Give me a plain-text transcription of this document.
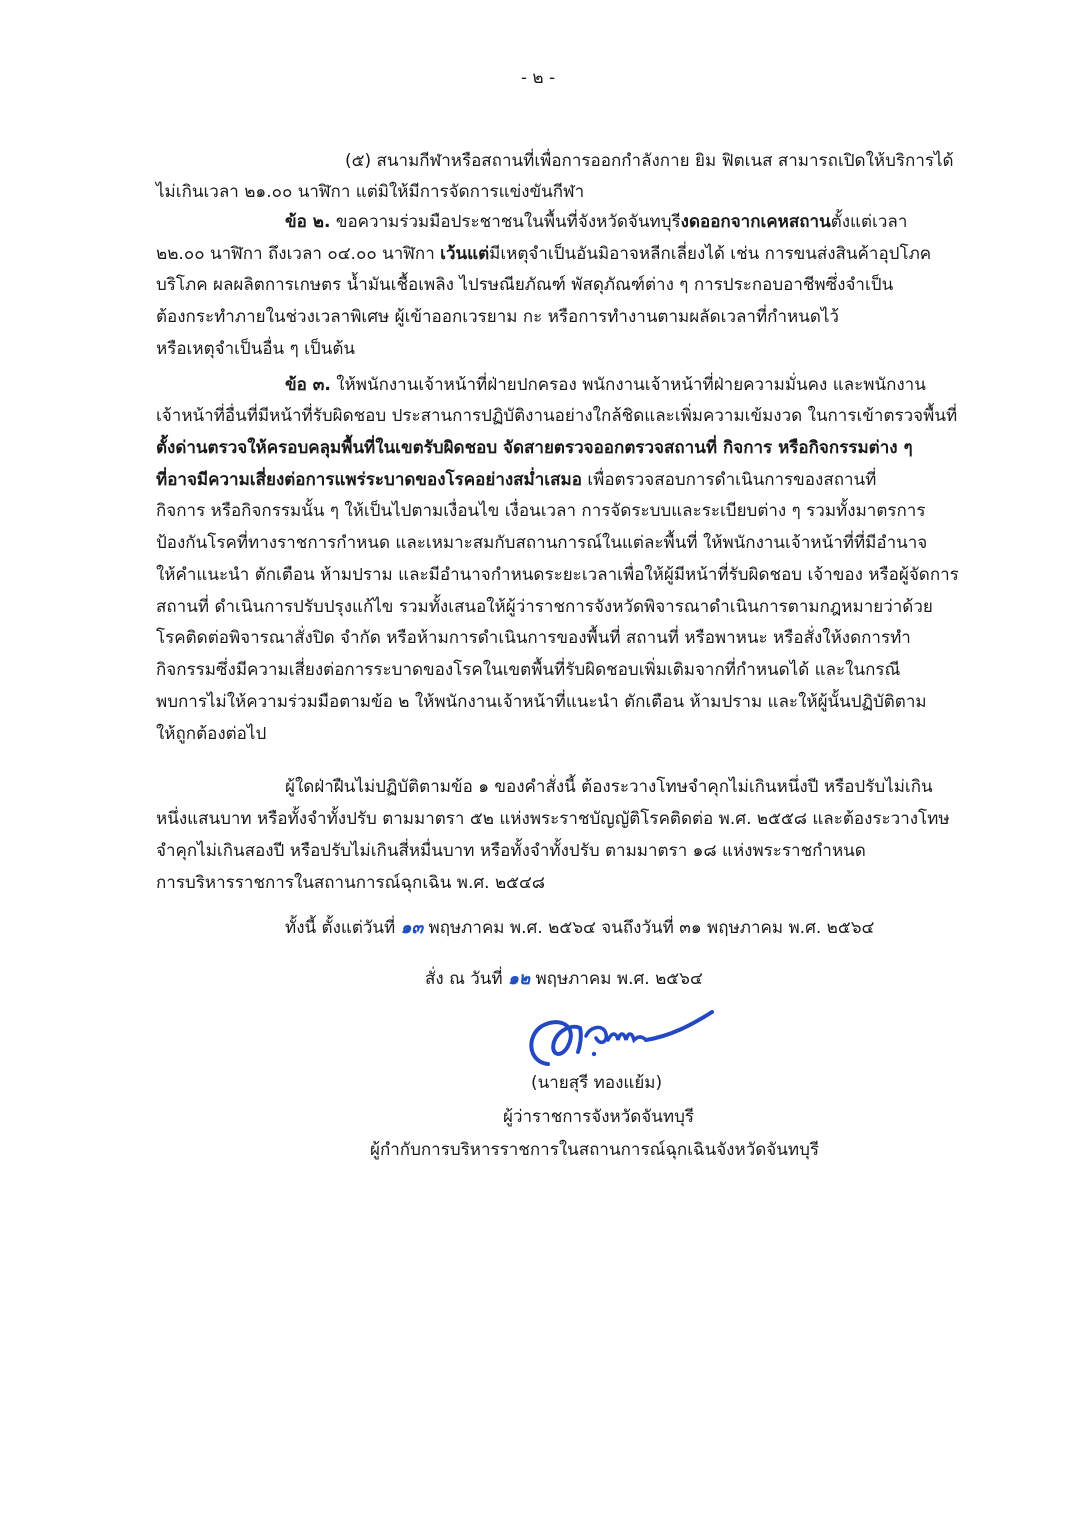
- ๒ -
(๕) สนามกีฬาหรือสถานที่เพื่อการออกกำลังกาย ยิม ฟิตเนส สามารถเปิดให้บริการได้
ไม่เกินเวลา ๒๑.๐๐ นาฬิกา แต่มิให้มีการจัดการแข่งขันกีฬา
ข้อ ๒. ขอความร่วมมือประชาชนในพื้นที่จังหวัดจันทบุรีงดออกจากเคหสถานตั้งแต่เวลา
๒๒.๐๐ นาฬิกา ถึงเวลา ๐๔.๐๐ นาฬิกา เว้นแต่มีเหตุจำเป็นอันมิอาจหลีกเลี่ยงได้ เช่น การขนส่งสินค้าอุปโภค
บริโภค ผลผลิตการเกษตร น้ำมันเชื้อเพลิง ไปรษณียภัณฑ์ พัสดุภัณฑ์ต่าง ๆ การประกอบอาชีพซึ่งจำเป็น
ต้องกระทำภายในช่วงเวลาพิเศษ ผู้เข้าออกเวรยาม กะ หรือการทำงานตามผลัดเวลาที่กำหนดไว้
หรือเหตุจำเป็นอื่น ๆ เป็นต้น
ข้อ ๓. ให้พนักงานเจ้าหน้าที่ฝ่ายปกครอง พนักงานเจ้าหน้าที่ฝ่ายความมั่นคง และพนักงาน
เจ้าหน้าที่อื่นที่มีหน้าที่รับผิดชอบ ประสานการปฏิบัติงานอย่างใกล้ชิดและเพิ่มความเข้มงวด ในการเข้าตรวจพื้นที่
ตั้งด่านตรวจให้ครอบคลุมพื้นที่ในเขตรับผิดชอบ จัดสายตรวจออกตรวจสถานที่ กิจการ หรือกิจกรรมต่าง ๆ
ที่อาจมีความเสี่ยงต่อการแพร่ระบาดของโรคอย่างสม่ำเสมอ เพื่อตรวจสอบการดำเนินการของสถานที่
กิจการ หรือกิจกรรมนั้น ๆ ให้เป็นไปตามเงื่อนไข เงื่อนเวลา การจัดระบบและระเบียบต่าง ๆ รวมทั้งมาตรการ
ป้องกันโรคที่ทางราชการกำหนด และเหมาะสมกับสถานการณ์ในแต่ละพื้นที่ ให้พนักงานเจ้าหน้าที่ที่มีอำนาจ
ให้คำแนะนำ ตักเตือน ห้ามปราม และมีอำนาจกำหนดระยะเวลาเพื่อให้ผู้มีหน้าที่รับผิดชอบ เจ้าของ หรือผู้จัดการ
สถานที่ ดำเนินการปรับปรุงแก้ไข รวมทั้งเสนอให้ผู้ว่าราชการจังหวัดพิจารณาดำเนินการตามกฎหมายว่าด้วย
โรคติดต่อพิจารณาสั่งปิด จำกัด หรือห้ามการดำเนินการของพื้นที่ สถานที่ หรือพาหนะ หรือสั่งให้งดการทำ
กิจกรรมซึ่งมีความเสี่ยงต่อการระบาดของโรคในเขตพื้นที่รับผิดชอบเพิ่มเติมจากที่กำหนดได้ และในกรณี
พบการไม่ให้ความร่วมมือตามข้อ ๒ ให้พนักงานเจ้าหน้าที่แนะนำ ตักเตือน ห้ามปราม และให้ผู้นั้นปฏิบัติตาม
ให้ถูกต้องต่อไป
ผู้ใดฝ่าฝืนไม่ปฏิบัติตามข้อ ๑ ของคำสั่งนี้ ต้องระวางโทษจำคุกไม่เกินหนึ่งปี หรือปรับไม่เกิน
หนึ่งแสนบาท หรือทั้งจำทั้งปรับ ตามมาตรา ๕๒ แห่งพระราชบัญญัติโรคติดต่อ พ.ศ. ๒๕๕๘ และต้องระวางโทษ
จำคุกไม่เกินสองปี หรือปรับไม่เกินสี่หมื่นบาท หรือทั้งจำทั้งปรับ ตามมาตรา ๑๘ แห่งพระราชกำหนด
การบริหารราชการในสถานการณ์ฉุกเฉิน พ.ศ. ๒๕๔๘
ทั้งนี้ ตั้งแต่วันที่ ๑๓ พฤษภาคม พ.ศ. ๒๕๖๔ จนถึงวันที่ ๓๑ พฤษภาคม พ.ศ. ๒๕๖๔
สั่ง ณ วันที่ ๑๒ พฤษภาคม พ.ศ. ๒๕๖๔
(นายสุรี ทองแย้ม)
ผู้ว่าราชการจังหวัดจันทบุรี
ผู้กำกับการบริหารราชการในสถานการณ์ฉุกเฉินจังหวัดจันทบุรี
